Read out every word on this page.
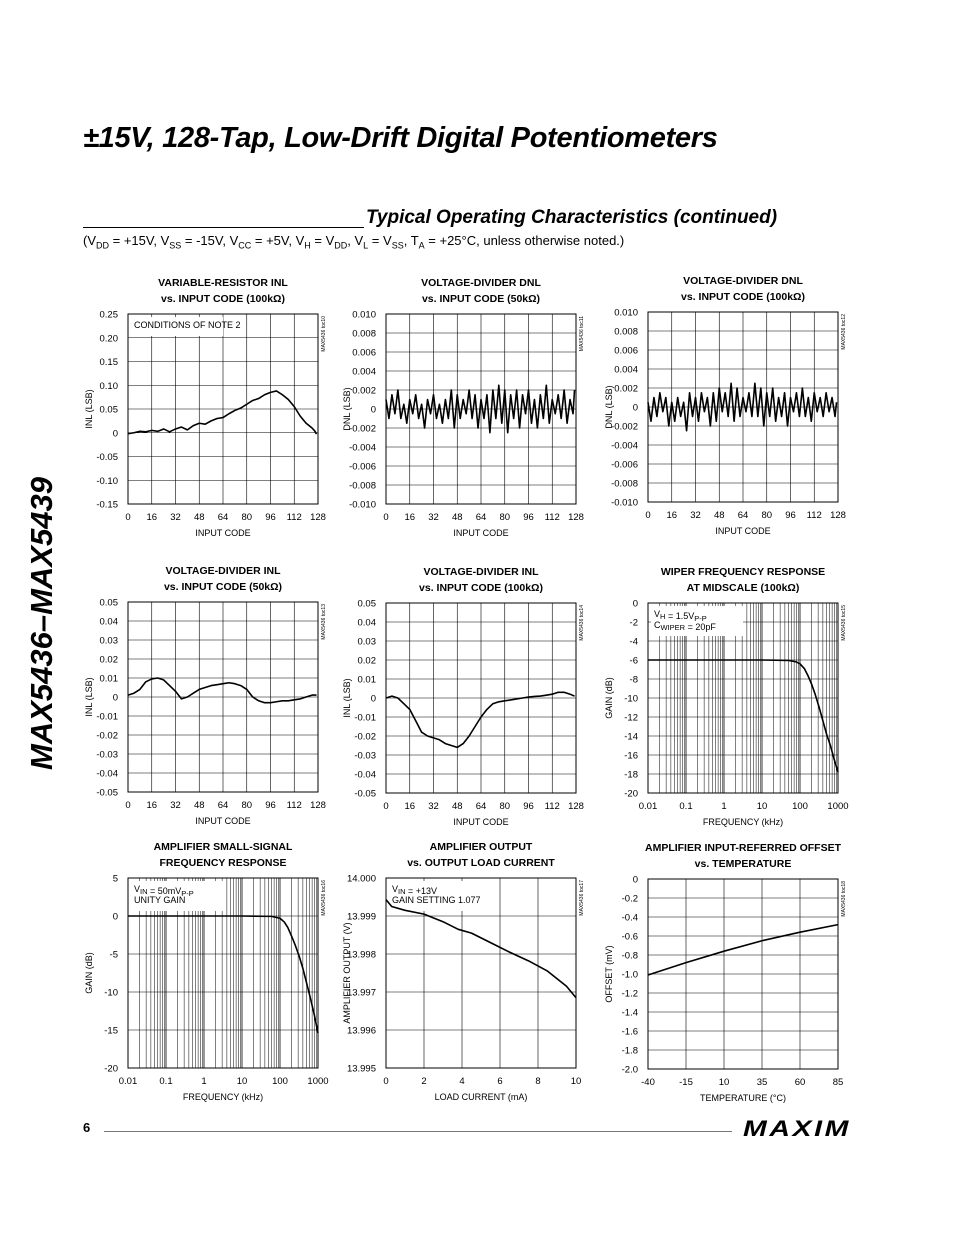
MAX5436–MAX5439
±15V, 128-Tap, Low-Drift Digital Potentiometers
Typical Operating Characteristics (continued)
($V_{DD} = +15V$, $V_{SS} = -15V$, $V_{CC} = +5V$, $V_H = V_{DD}$, $V_L = V_{SS}$, $T_A = +25^\circ C$, unless otherwise noted.)
VARIABLE-RESISTOR INL
vs. INPUT CODE (100kΩ)
-0.15
-0.10
-0.05
0
0.05
0.10
0.15
0.20
0.25
0 16 32 48 64 80 96 112 128
INPUT CODE
INL (LSB)
MAX5436 toc10
CONDITIONS OF NOTE 2
VOLTAGE-DIVIDER DNL
vs. INPUT CODE (50kΩ)
-0.010
-0.008
-0.006
-0.004
-0.002
0
0.002
0.004
0.006
0.008
0.010
0 16 32 48 64 80 96 112 128
INPUT CODE
DNL (LSB)
MAX5436 toc11
VOLTAGE-DIVIDER DNL
vs. INPUT CODE (100kΩ)
-0.010
-0.008
-0.006
-0.004
-0.002
0
0.002
0.004
0.006
0.008
0.010
0 16 32 48 64 80 96 112 128
INPUT CODE
DNL (LSB)
MAX5436 toc12
VOLTAGE-DIVIDER INL
vs. INPUT CODE (50kΩ)
-0.05
-0.04
-0.03
-0.02
-0.01
0
0.01
0.02
0.03
0.04
0.05
0 16 32 48 64 80 96 112 128
INPUT CODE
INL (LSB)
MAX5436 toc13
VOLTAGE-DIVIDER INL
vs. INPUT CODE (100kΩ)
-0.05
-0.04
-0.03
-0.02
-0.01
0
0.01
0.02
0.03
0.04
0.05
0 16 32 48 64 80 96 112 128
INPUT CODE
INL (LSB)
MAX5436 toc14
WIPER FREQUENCY RESPONSE
AT MIDSCALE (100kΩ)
-20
-18
-16
-14
-12
-10
-8
-6
-4
-2
0
0.01 0.1	1	10	100 1000
FREQUENCY (kHz)
GAIN (dB)
MAX5436 toc15
$V_H = 1.5V_{P-P}$
$C_{WIPER} = 20pF$
AMPLIFIER SMALL-SIGNAL
FREQUENCY RESPONSE
-20
-15
-10
-5
0
5
0.01 0.1	1	10	100 1000
FREQUENCY (kHz)
GAIN (dB)
MAX5436 toc16
$V_{IN} = 50mV_{P-P}$
UNITY GAIN
AMPLIFIER OUTPUT
vs. OUTPUT LOAD CURRENT
13.995
13.996
13.997
13.998
13.999
14.000
0	2	4	6	8	10
LOAD CURRENT (mA)
AMPLIFIER OUTPUT (V)
MAX5436 toc17
$V_{IN} = +13V$
GAIN SETTING 1.077
AMPLIFIER INPUT-REFERRED OFFSET
vs. TEMPERATURE
-2.0
-1.8
-1.6
-1.4
-1.2
-1.0
-0.8
-0.6
-0.4
-0.2
0
-40	-15	10	35	60	85
TEMPERATURE (°C)
OFFSET (mV)
MAX5436 toc18
6	MAXIM
